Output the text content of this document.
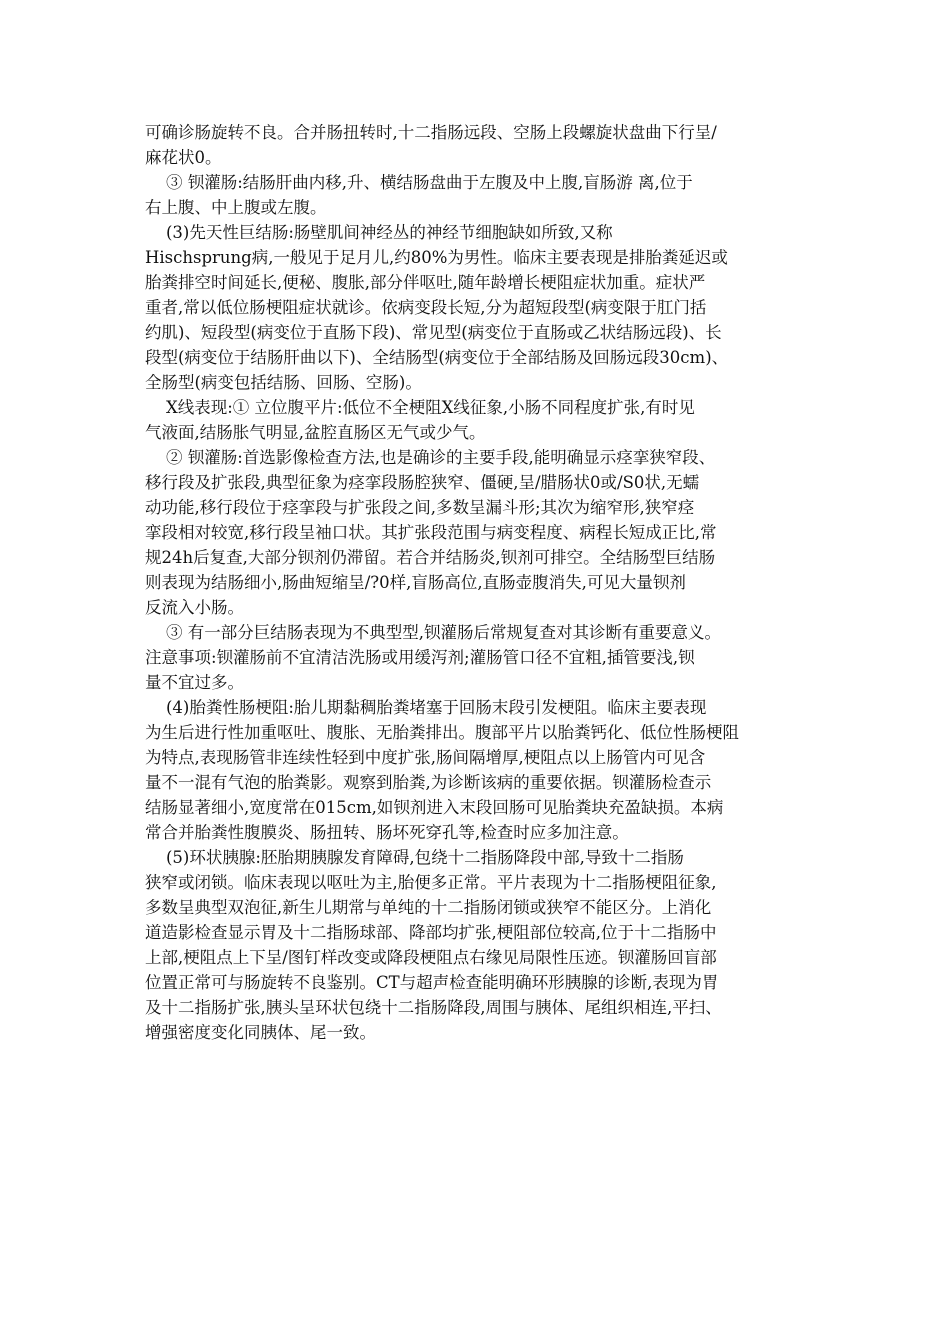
可确诊肠旋转不良。合并肠扭转时,十二指肠远段、空肠上段螺旋状盘曲下行呈/
麻花状0。
③ 钡灌肠:结肠肝曲内移,升、横结肠盘曲于左腹及中上腹,盲肠游 离,位于
右上腹、中上腹或左腹。
(3)先天性巨结肠:肠壁肌间神经丛的神经节细胞缺如所致,又称
Hischsprung病,一般见于足月儿,约80%为男性。临床主要表现是排胎粪延迟或
胎粪排空时间延长,便秘、腹胀,部分伴呕吐,随年龄增长梗阻症状加重。症状严
重者,常以低位肠梗阻症状就诊。依病变段长短,分为超短段型(病变限于肛门括
约肌)、短段型(病变位于直肠下段)、常见型(病变位于直肠或乙状结肠远段)、长
段型(病变位于结肠肝曲以下)、全结肠型(病变位于全部结肠及回肠远段30cm)、
全肠型(病变包括结肠、回肠、空肠)。
X线表现:① 立位腹平片:低位不全梗阻X线征象,小肠不同程度扩张,有时见
气液面,结肠胀气明显,盆腔直肠区无气或少气。
② 钡灌肠:首选影像检查方法,也是确诊的主要手段,能明确显示痉挛狭窄段、
移行段及扩张段,典型征象为痉挛段肠腔狭窄、僵硬,呈/腊肠状0或/S0状,无蠕
动功能,移行段位于痉挛段与扩张段之间,多数呈漏斗形;其次为缩窄形,狭窄痉
挛段相对较宽,移行段呈袖口状。其扩张段范围与病变程度、病程长短成正比,常
规24h后复查,大部分钡剂仍滞留。若合并结肠炎,钡剂可排空。全结肠型巨结肠
则表现为结肠细小,肠曲短缩呈/?0样,盲肠高位,直肠壶腹消失,可见大量钡剂
反流入小肠。
③ 有一部分巨结肠表现为不典型型,钡灌肠后常规复查对其诊断有重要意义。
注意事项:钡灌肠前不宜清洁洗肠或用缓泻剂;灌肠管口径不宜粗,插管要浅,钡
量不宜过多。
(4)胎粪性肠梗阻:胎儿期黏稠胎粪堵塞于回肠末段引发梗阻。临床主要表现
为生后进行性加重呕吐、腹胀、无胎粪排出。腹部平片以胎粪钙化、低位性肠梗阻
为特点,表现肠管非连续性轻到中度扩张,肠间隔增厚,梗阻点以上肠管内可见含
量不一混有气泡的胎粪影。观察到胎粪,为诊断该病的重要依据。钡灌肠检查示
结肠显著细小,宽度常在015cm,如钡剂进入末段回肠可见胎粪块充盈缺损。本病
常合并胎粪性腹膜炎、肠扭转、肠坏死穿孔等,检查时应多加注意。
(5)环状胰腺:胚胎期胰腺发育障碍,包绕十二指肠降段中部,导致十二指肠
狭窄或闭锁。临床表现以呕吐为主,胎便多正常。平片表现为十二指肠梗阻征象,
多数呈典型双泡征,新生儿期常与单纯的十二指肠闭锁或狭窄不能区分。上消化
道造影检查显示胃及十二指肠球部、降部均扩张,梗阻部位较高,位于十二指肠中
上部,梗阻点上下呈/图钉样改变或降段梗阻点右缘见局限性压迹。钡灌肠回盲部
位置正常可与肠旋转不良鉴别。CT与超声检查能明确环形胰腺的诊断,表现为胃
及十二指肠扩张,胰头呈环状包绕十二指肠降段,周围与胰体、尾组织相连,平扫、
增强密度变化同胰体、尾一致。
